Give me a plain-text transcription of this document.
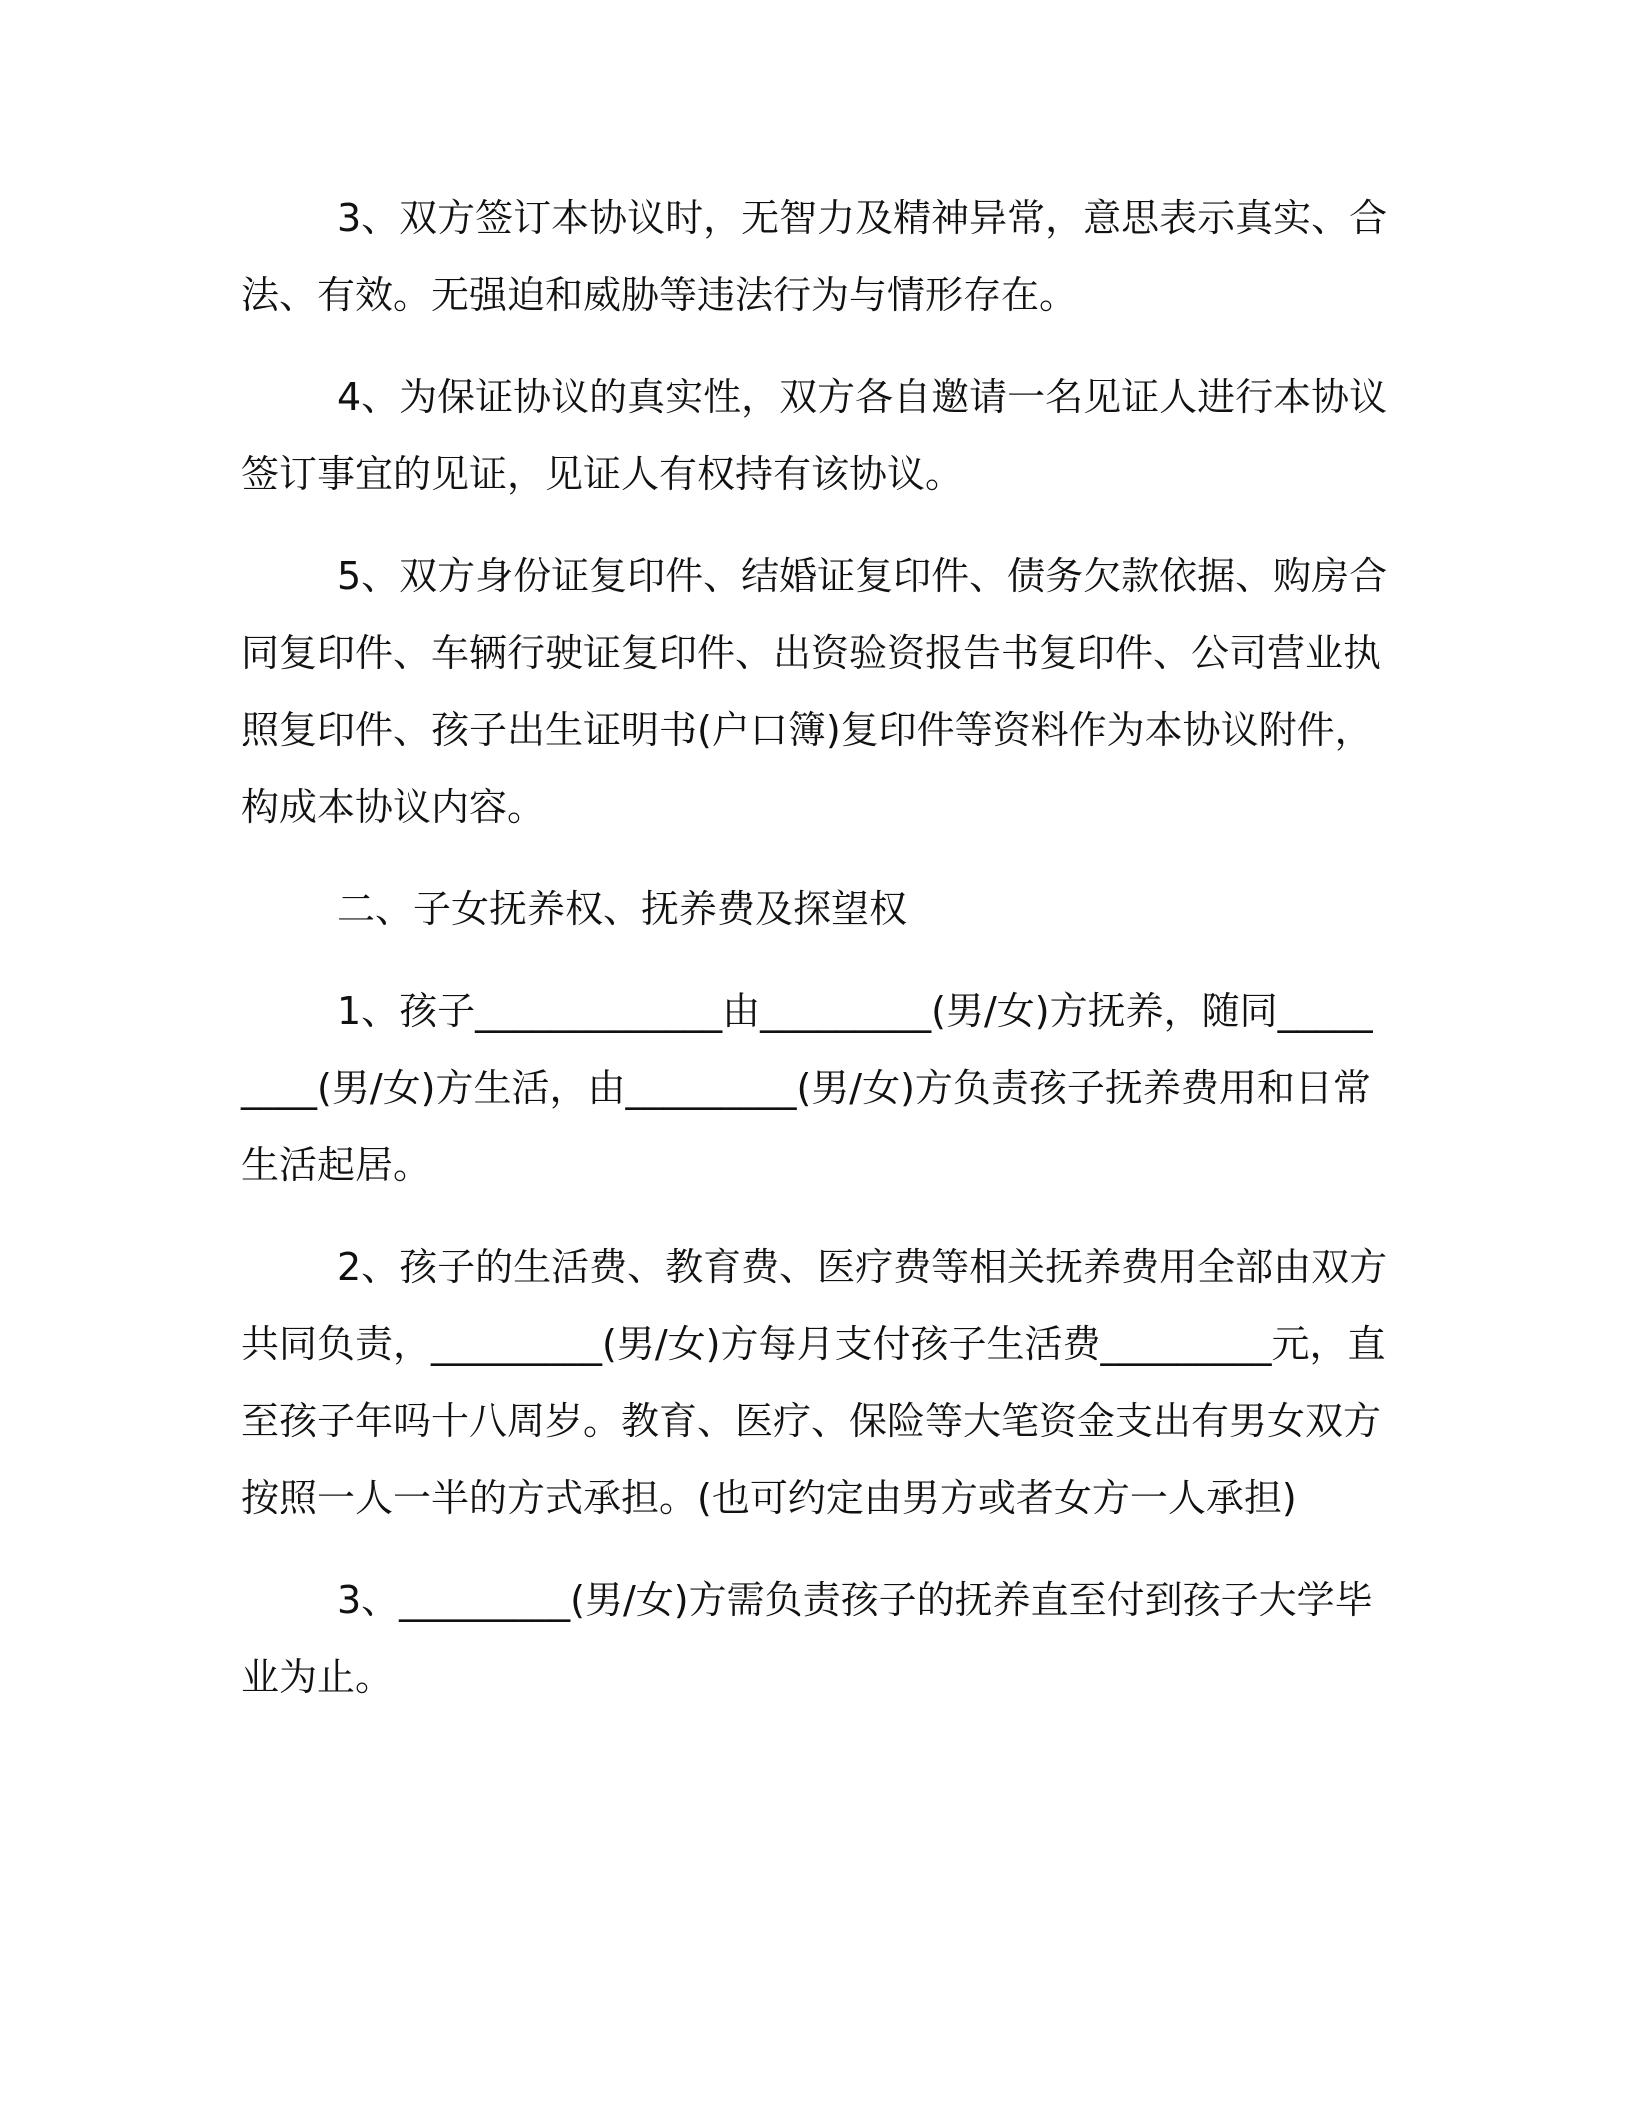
3、双方签订本协议时，无智力及精神异常，意思表示真实、合法、有效。无强迫和威胁等违法行为与情形存在。

4、为保证协议的真实性，双方各自邀请一名见证人进行本协议签订事宜的见证，见证人有权持有该协议。

5、双方身份证复印件、结婚证复印件、债务欠款依据、购房合同复印件、车辆行驶证复印件、出资验资报告书复印件、公司营业执照复印件、孩子出生证明书(户口簿)复印件等资料作为本协议附件，构成本协议内容。

二、子女抚养权、抚养费及探望权

1、孩子_____________由_________(男/女)方抚养，随同_________(男/女)方生活，由_________(男/女)方负责孩子抚养费用和日常生活起居。

2、孩子的生活费、教育费、医疗费等相关抚养费用全部由双方共同负责，_________(男/女)方每月支付孩子生活费_________元，直至孩子年吗十八周岁。教育、医疗、保险等大笔资金支出有男女双方按照一人一半的方式承担。(也可约定由男方或者女方一人承担)

3、_________(男/女)方需负责孩子的抚养直至付到孩子大学毕业为止。
